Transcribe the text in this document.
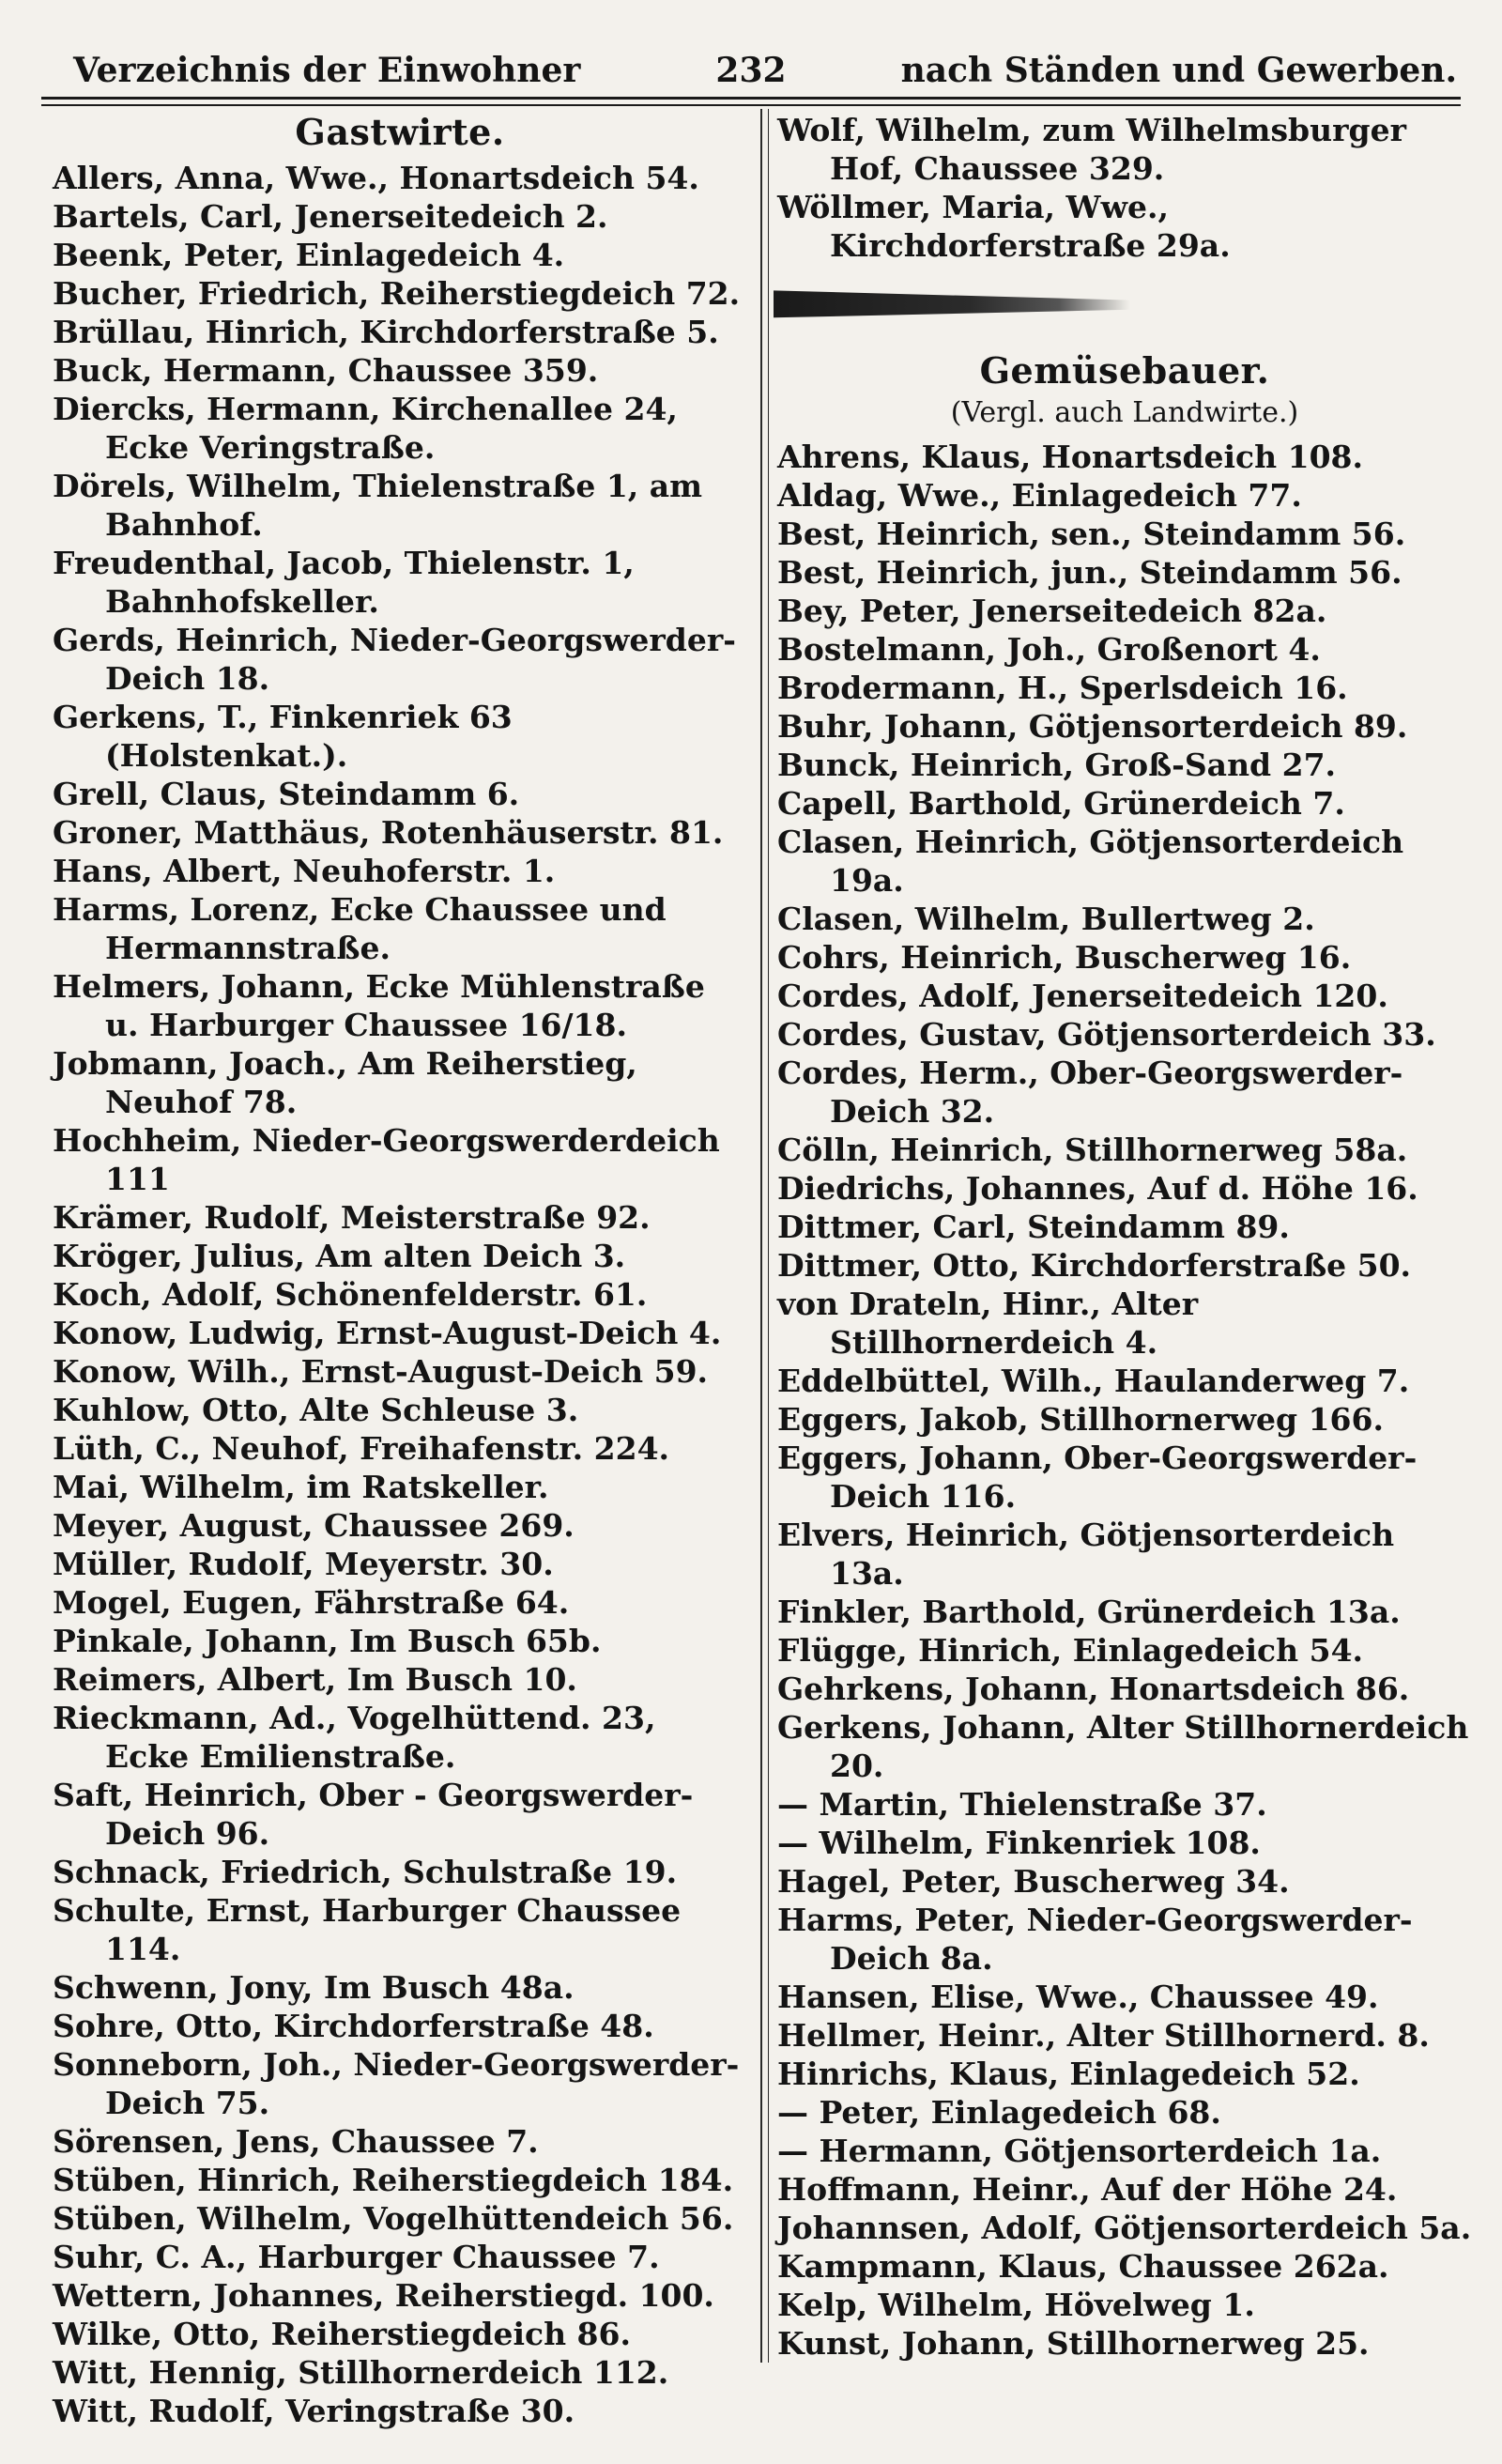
Verzeichnis der Einwohner	232	nach Ständen und Gewerben.
Gastwirte.

Allers, Anna, Wwe., Honartsdeich 54.

Bartels, Carl, Jenerseitedeich 2.

Beenk, Peter, Einlagedeich 4.

Bucher, Friedrich, Reiherstiegdeich 72.

Brüllau, Hinrich, Kirchdorferstraße 5.

Buck, Hermann, Chaussee 359.

Diercks, Hermann, Kirchenallee 24, Ecke Veringstraße.

Dörels, Wilhelm, Thielenstraße 1, am Bahnhof.

Freudenthal, Jacob, Thielenstr. 1, Bahnhofskeller.

Gerds, Heinrich, Nieder-Georgswerder-Deich 18.

Gerkens, T., Finkenriek 63 (Holstenkat.).

Grell, Claus, Steindamm 6.

Groner, Matthäus, Rotenhäuserstr. 81.

Hans, Albert, Neuhoferstr. 1.

Harms, Lorenz, Ecke Chaussee und Hermannstraße.

Helmers, Johann, Ecke Mühlenstraße u. Harburger Chaussee 16/18.

Jobmann, Joach., Am Reiherstieg, Neuhof 78.

Hochheim, Nieder-Georgswerderdeich 111

Krämer, Rudolf, Meisterstraße 92.

Kröger, Julius, Am alten Deich 3.

Koch, Adolf, Schönenfelderstr. 61.

Konow, Ludwig, Ernst-August-Deich 4.

Konow, Wilh., Ernst-August-Deich 59.

Kuhlow, Otto, Alte Schleuse 3.

Lüth, C., Neuhof, Freihafenstr. 224.

Mai, Wilhelm, im Ratskeller.

Meyer, August, Chaussee 269.

Müller, Rudolf, Meyerstr. 30.

Mogel, Eugen, Fährstraße 64.

Pinkale, Johann, Im Busch 65b.

Reimers, Albert, Im Busch 10.

Rieckmann, Ad., Vogelhüttend. 23, Ecke Emilienstraße.

Saft, Heinrich, Ober - Georgswerder-Deich 96.

Schnack, Friedrich, Schulstraße 19.

Schulte, Ernst, Harburger Chaussee 114.

Schwenn, Jony, Im Busch 48a.

Sohre, Otto, Kirchdorferstraße 48.

Sonneborn, Joh., Nieder-Georgswerder-Deich 75.

Sörensen, Jens, Chaussee 7.

Stüben, Hinrich, Reiherstiegdeich 184.

Stüben, Wilhelm, Vogelhüttendeich 56.

Suhr, C. A., Harburger Chaussee 7.

Wettern, Johannes, Reiherstiegd. 100.

Wilke, Otto, Reiherstiegdeich 86.

Witt, Hennig, Stillhornerdeich 112.

Witt, Rudolf, Veringstraße 30.

Wolf, Wilhelm, zum Wilhelmsburger Hof, Chaussee 329.

Wöllmer, Maria, Wwe., Kirchdorferstraße 29a.

Gemüsebauer.
(Vergl. auch Landwirte.)

Ahrens, Klaus, Honartsdeich 108.

Aldag, Wwe., Einlagedeich 77.

Best, Heinrich, sen., Steindamm 56.

Best, Heinrich, jun., Steindamm 56.

Bey, Peter, Jenerseitedeich 82a.

Bostelmann, Joh., Großenort 4.

Brodermann, H., Sperlsdeich 16.

Buhr, Johann, Götjensorterdeich 89.

Bunck, Heinrich, Groß-Sand 27.

Capell, Barthold, Grünerdeich 7.

Clasen, Heinrich, Götjensorterdeich 19a.

Clasen, Wilhelm, Bullertweg 2.

Cohrs, Heinrich, Buscherweg 16.

Cordes, Adolf, Jenerseitedeich 120.

Cordes, Gustav, Götjensorterdeich 33.

Cordes, Herm., Ober-Georgswerder-Deich 32.

Cölln, Heinrich, Stillhornerweg 58a.

Diedrichs, Johannes, Auf d. Höhe 16.

Dittmer, Carl, Steindamm 89.

Dittmer, Otto, Kirchdorferstraße 50.

von Drateln, Hinr., Alter Stillhornerdeich 4.

Eddelbüttel, Wilh., Haulanderweg 7.

Eggers, Jakob, Stillhornerweg 166.

Eggers, Johann, Ober-Georgswerder-Deich 116.

Elvers, Heinrich, Götjensorterdeich 13a.

Finkler, Barthold, Grünerdeich 13a.

Flügge, Hinrich, Einlagedeich 54.

Gehrkens, Johann, Honartsdeich 86.

Gerkens, Johann, Alter Stillhornerdeich 20.

— Martin, Thielenstraße 37.

— Wilhelm, Finkenriek 108.

Hagel, Peter, Buscherweg 34.

Harms, Peter, Nieder-Georgswerder-Deich 8a.

Hansen, Elise, Wwe., Chaussee 49.

Hellmer, Heinr., Alter Stillhornerd. 8.

Hinrichs, Klaus, Einlagedeich 52.

— Peter, Einlagedeich 68.

— Hermann, Götjensorterdeich 1a.

Hoffmann, Heinr., Auf der Höhe 24.

Johannsen, Adolf, Götjensorterdeich 5a.

Kampmann, Klaus, Chaussee 262a.

Kelp, Wilhelm, Hövelweg 1.

Kunst, Johann, Stillhornerweg 25.
